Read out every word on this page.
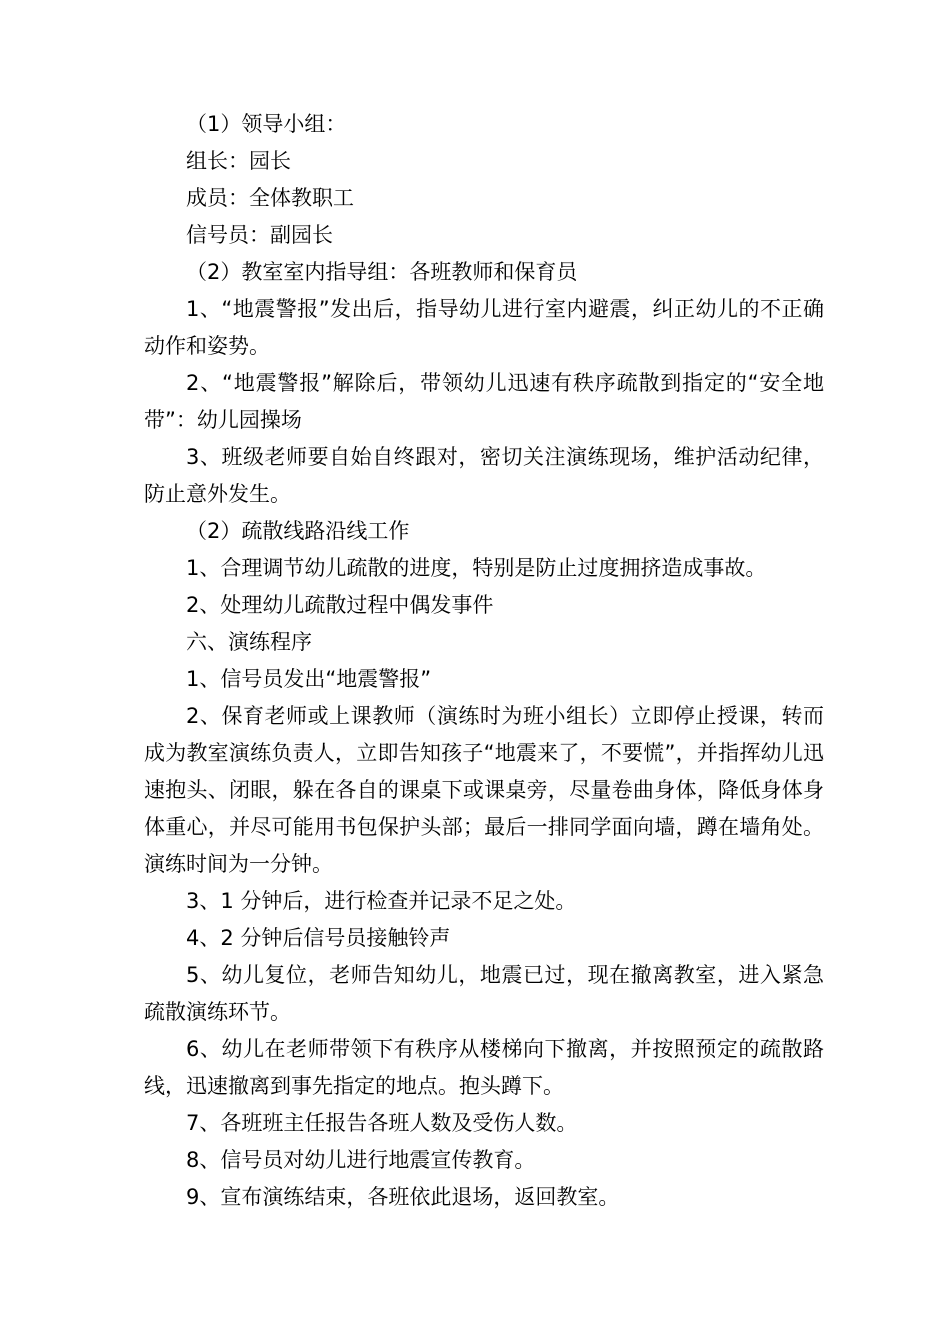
（1）领导小组：

组长：园长

成员：全体教职工

信号员：副园长

（2）教室室内指导组：各班教师和保育员

1、“地震警报”发出后，指导幼儿进行室内避震，纠正幼儿的不正确动作和姿势。

2、“地震警报”解除后，带领幼儿迅速有秩序疏散到指定的“安全地带”：幼儿园操场

3、班级老师要自始自终跟对，密切关注演练现场，维护活动纪律，防止意外发生。

（2）疏散线路沿线工作

1、合理调节幼儿疏散的进度，特别是防止过度拥挤造成事故。

2、处理幼儿疏散过程中偶发事件

六、演练程序

1、信号员发出“地震警报”

2、保育老师或上课教师（演练时为班小组长）立即停止授课，转而成为教室演练负责人，立即告知孩子“地震来了，不要慌”，并指挥幼儿迅速抱头、闭眼，躲在各自的课桌下或课桌旁，尽量卷曲身体，降低身体身体重心，并尽可能用书包保护头部；最后一排同学面向墙，蹲在墙角处。演练时间为一分钟。

3、1 分钟后，进行检查并记录不足之处。

4、2 分钟后信号员接触铃声

5、幼儿复位，老师告知幼儿，地震已过，现在撤离教室，进入紧急疏散演练环节。

6、幼儿在老师带领下有秩序从楼梯向下撤离，并按照预定的疏散路线，迅速撤离到事先指定的地点。抱头蹲下。

7、各班班主任报告各班人数及受伤人数。

8、信号员对幼儿进行地震宣传教育。

9、宣布演练结束，各班依此退场，返回教室。
